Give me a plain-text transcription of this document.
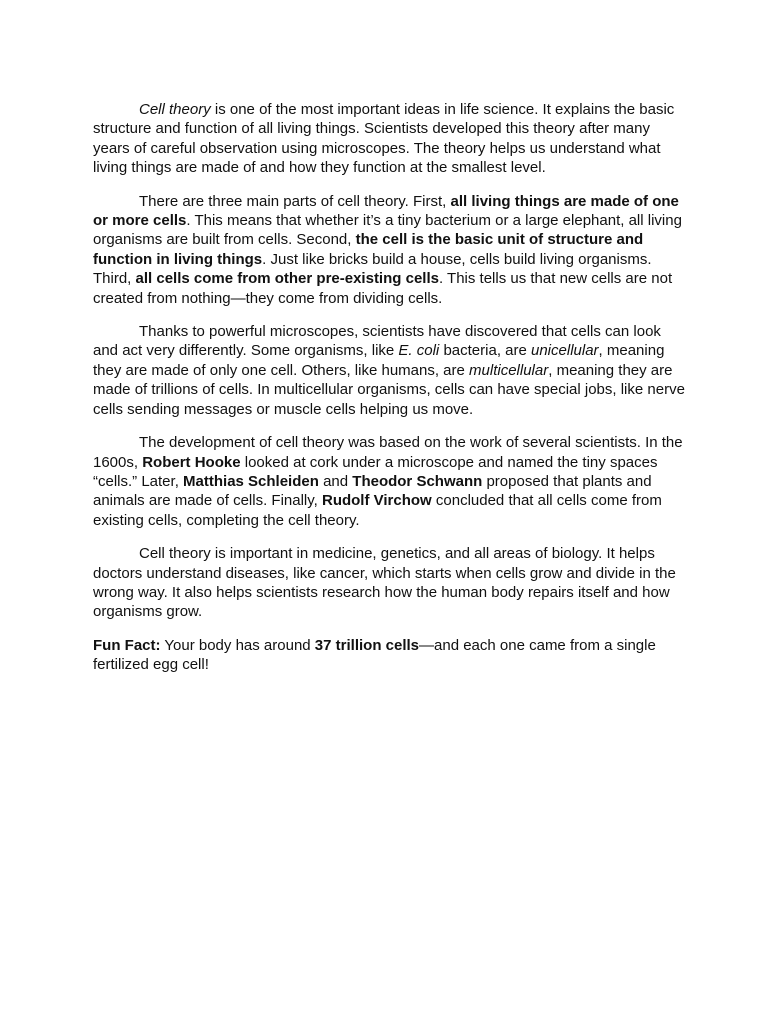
Cell theory is one of the most important ideas in life science. It explains the basic structure and function of all living things. Scientists developed this theory after many years of careful observation using microscopes. The theory helps us understand what living things are made of and how they function at the smallest level.

There are three main parts of cell theory. First, all living things are made of one or more cells. This means that whether it’s a tiny bacterium or a large elephant, all living organisms are built from cells. Second, the cell is the basic unit of structure and function in living things. Just like bricks build a house, cells build living organisms. Third, all cells come from other pre-existing cells. This tells us that new cells are not created from nothing—they come from dividing cells.

Thanks to powerful microscopes, scientists have discovered that cells can look and act very differently. Some organisms, like E. coli bacteria, are unicellular, meaning they are made of only one cell. Others, like humans, are multicellular, meaning they are made of trillions of cells. In multicellular organisms, cells can have special jobs, like nerve cells sending messages or muscle cells helping us move.

The development of cell theory was based on the work of several scientists. In the 1600s, Robert Hooke looked at cork under a microscope and named the tiny spaces “cells.” Later, Matthias Schleiden and Theodor Schwann proposed that plants and animals are made of cells. Finally, Rudolf Virchow concluded that all cells come from existing cells, completing the cell theory.

Cell theory is important in medicine, genetics, and all areas of biology. It helps doctors understand diseases, like cancer, which starts when cells grow and divide in the wrong way. It also helps scientists research how the human body repairs itself and how organisms grow.

Fun Fact: Your body has around 37 trillion cells—and each one came from a single fertilized egg cell!
